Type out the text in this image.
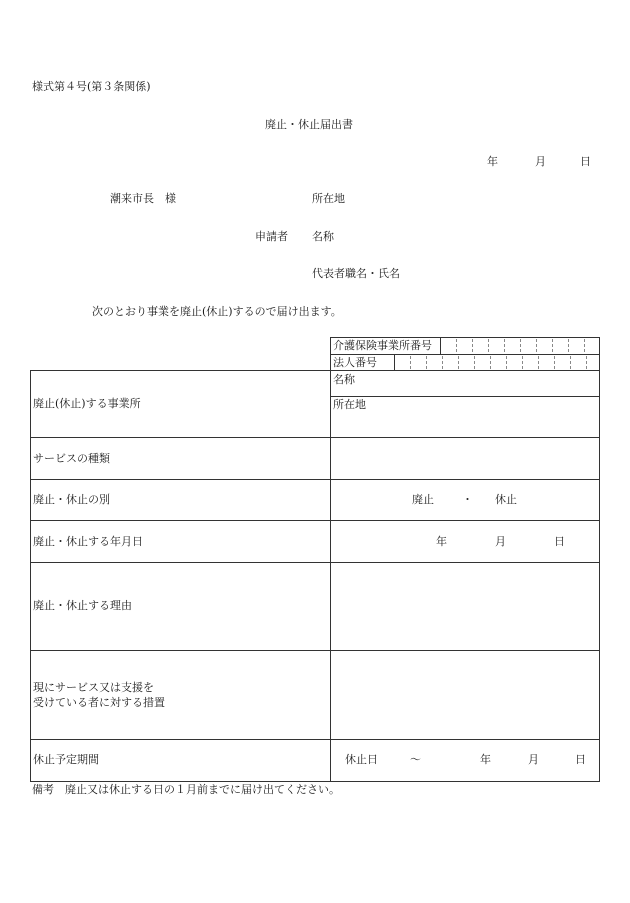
様式第４号(第３条関係)
廃止・休止届出書
年	月	日
潮来市長　様	所在地
申請者 名称
代表者職名・氏名
次のとおり事業を廃止(休止)するので届け出ます。
介護保険事業所番号
法人番号
廃止(休止)する事業所
名称
所在地
サービスの種類
廃止・休止の別	廃止	・ 休止
廃止・休止する年月日	年	月	日
廃止・休止する理由
現にサービス又は支援を
受けている者に対する措置
休止予定期間	休止日	～	年	月	日
備考　廃止又は休止する日の１月前までに届け出てください。
